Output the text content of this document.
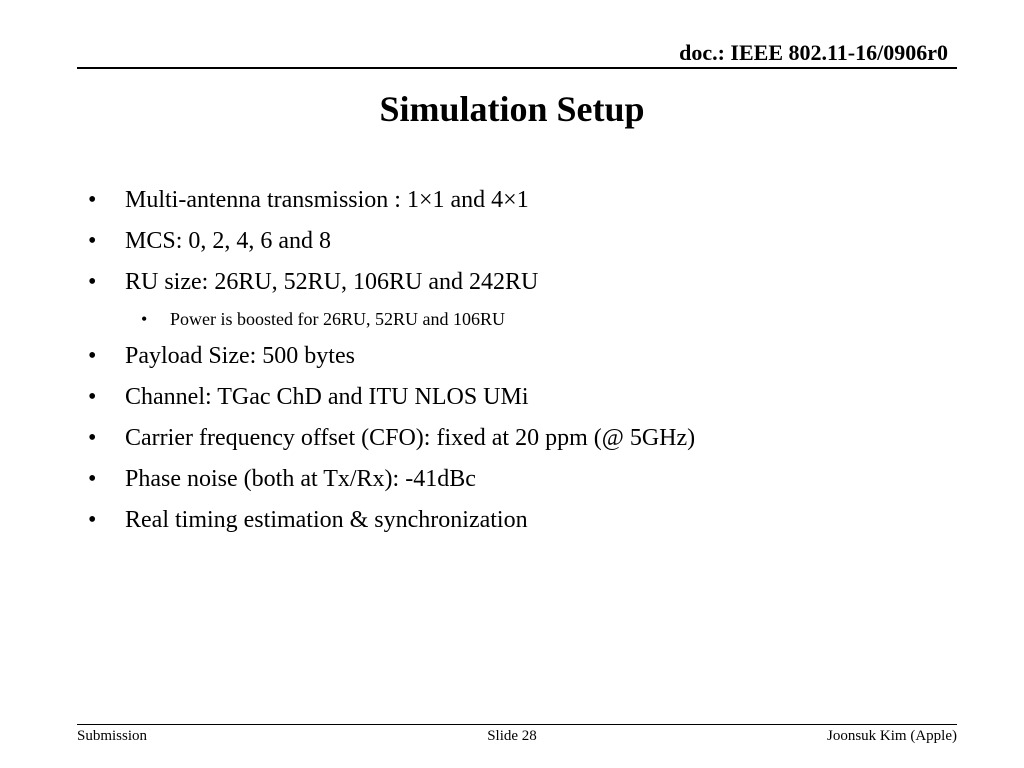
doc.: IEEE 802.11-16/0906r0
Simulation Setup
• Multi-antenna transmission : 1×1 and 4×1
• MCS: 0, 2, 4, 6 and 8
• RU size: 26RU, 52RU, 106RU and 242RU
• Power is boosted for 26RU, 52RU and 106RU
• Payload Size: 500 bytes
• Channel: TGac ChD and ITU NLOS UMi
• Carrier frequency offset (CFO): fixed at 20 ppm (@ 5GHz)
• Phase noise (both at Tx/Rx): -41dBc
• Real timing estimation & synchronization
Submission	Slide 28	Joonsuk Kim (Apple)
